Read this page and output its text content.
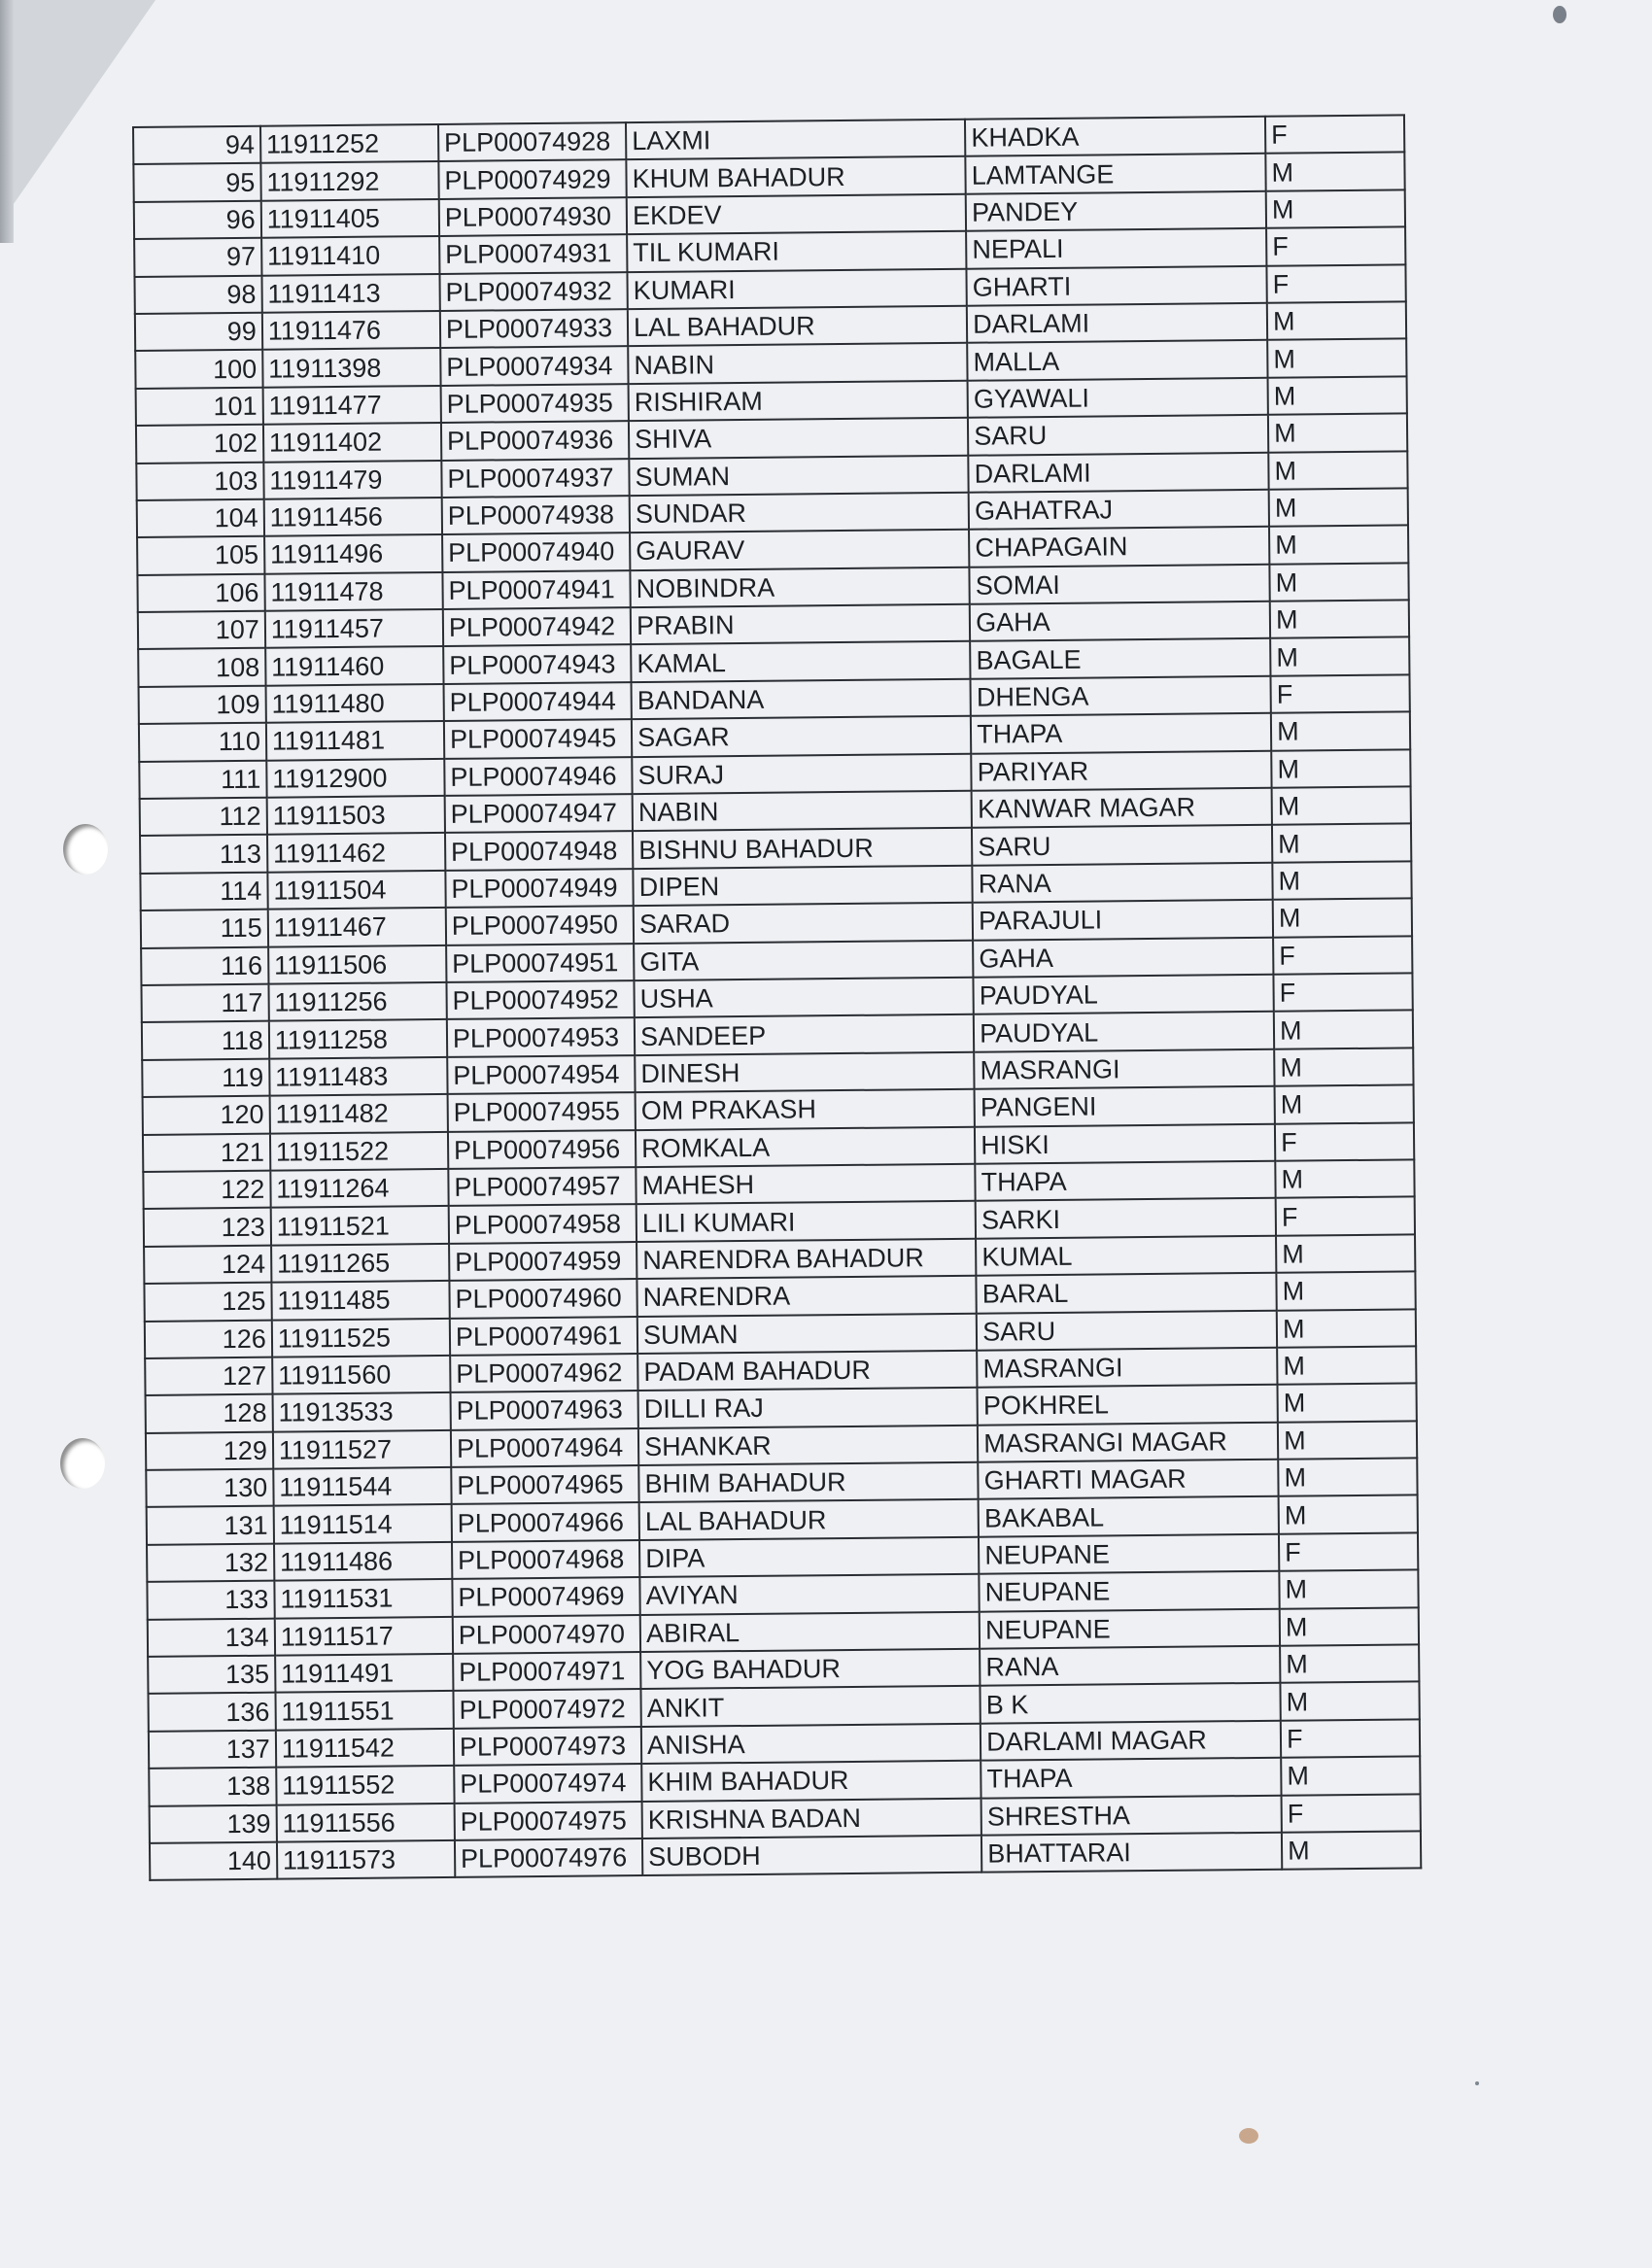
94	11911252	PLP00074928	LAXMI	KHADKA	F
95	11911292	PLP00074929	KHUM BAHADUR	LAMTANGE	M
96	11911405	PLP00074930	EKDEV	PANDEY	M
97	11911410	PLP00074931	TIL KUMARI	NEPALI	F
98	11911413	PLP00074932	KUMARI	GHARTI	F
99	11911476	PLP00074933	LAL BAHADUR	DARLAMI	M
100	11911398	PLP00074934	NABIN	MALLA	M
101	11911477	PLP00074935	RISHIRAM	GYAWALI	M
102	11911402	PLP00074936	SHIVA	SARU	M
103	11911479	PLP00074937	SUMAN	DARLAMI	M
104	11911456	PLP00074938	SUNDAR	GAHATRAJ	M
105	11911496	PLP00074940	GAURAV	CHAPAGAIN	M
106	11911478	PLP00074941	NOBINDRA	SOMAI	M
107	11911457	PLP00074942	PRABIN	GAHA	M
108	11911460	PLP00074943	KAMAL	BAGALE	M
109	11911480	PLP00074944	BANDANA	DHENGA	F
110	11911481	PLP00074945	SAGAR	THAPA	M
111	11912900	PLP00074946	SURAJ	PARIYAR	M
112	11911503	PLP00074947	NABIN	KANWAR MAGAR	M
113	11911462	PLP00074948	BISHNU BAHADUR	SARU	M
114	11911504	PLP00074949	DIPEN	RANA	M
115	11911467	PLP00074950	SARAD	PARAJULI	M
116	11911506	PLP00074951	GITA	GAHA	F
117	11911256	PLP00074952	USHA	PAUDYAL	F
118	11911258	PLP00074953	SANDEEP	PAUDYAL	M
119	11911483	PLP00074954	DINESH	MASRANGI	M
120	11911482	PLP00074955	OM PRAKASH	PANGENI	M
121	11911522	PLP00074956	ROMKALA	HISKI	F
122	11911264	PLP00074957	MAHESH	THAPA	M
123	11911521	PLP00074958	LILI KUMARI	SARKI	F
124	11911265	PLP00074959	NARENDRA BAHADUR	KUMAL	M
125	11911485	PLP00074960	NARENDRA	BARAL	M
126	11911525	PLP00074961	SUMAN	SARU	M
127	11911560	PLP00074962	PADAM BAHADUR	MASRANGI	M
128	11913533	PLP00074963	DILLI RAJ	POKHREL	M
129	11911527	PLP00074964	SHANKAR	MASRANGI MAGAR	M
130	11911544	PLP00074965	BHIM BAHADUR	GHARTI MAGAR	M
131	11911514	PLP00074966	LAL BAHADUR	BAKABAL	M
132	11911486	PLP00074968	DIPA	NEUPANE	F
133	11911531	PLP00074969	AVIYAN	NEUPANE	M
134	11911517	PLP00074970	ABIRAL	NEUPANE	M
135	11911491	PLP00074971	YOG BAHADUR	RANA	M
136	11911551	PLP00074972	ANKIT	B K	M
137	11911542	PLP00074973	ANISHA	DARLAMI MAGAR	F
138	11911552	PLP00074974	KHIM BAHADUR	THAPA	M
139	11911556	PLP00074975	KRISHNA BADAN	SHRESTHA	F
140	11911573	PLP00074976	SUBODH	BHATTARAI	M
